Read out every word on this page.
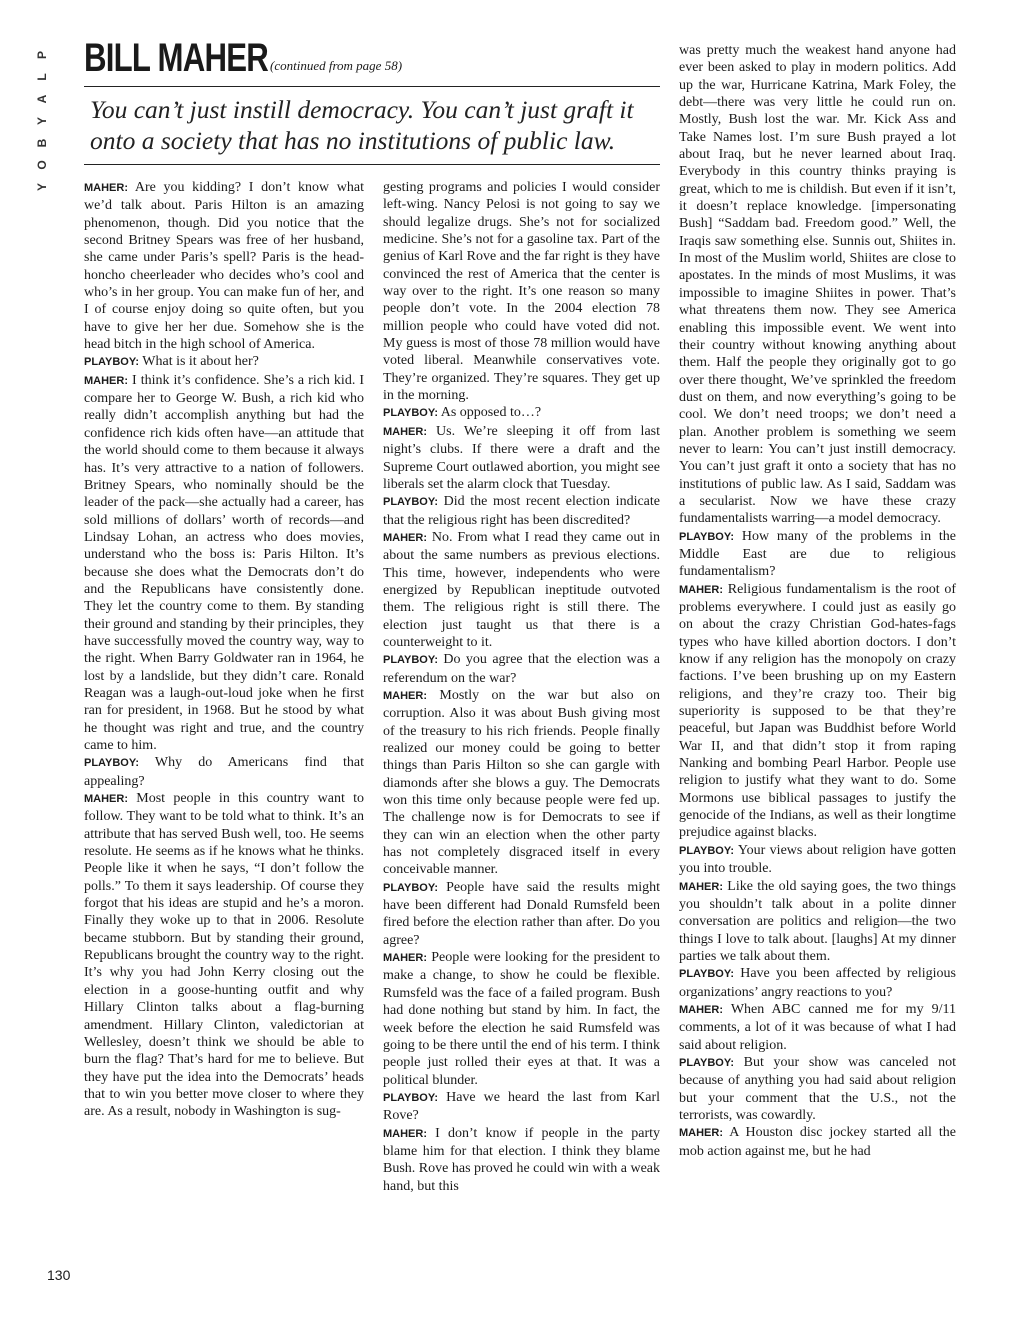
P
L
A
Y
B
O
Y
BILL MAHER (continued from page 58)
You can’t just instill democracy. You can’t just graft it onto a society that has no institutions of public law.

MAHER: Are you kidding? I don’t know what we’d talk about. Paris Hilton is an amazing phenomenon, though. Did you notice that the second Britney Spears was free of her husband, she came under Paris’s spell? Paris is the head-honcho cheerleader who decides who’s cool and who’s in her group. You can make fun of her, and I of course enjoy doing so quite often, but you have to give her her due. Somehow she is the head bitch in the high school of America.

PLAYBOY: What is it about her?

MAHER: I think it’s confidence. She’s a rich kid. I compare her to George W. Bush, a rich kid who really didn’t accomplish anything but had the confidence rich kids often have—an attitude that the world should come to them because it always has. It’s very attractive to a nation of followers. Britney Spears, who nominally should be the leader of the pack—she actually had a career, has sold millions of dollars’ worth of records—and Lindsay Lohan, an actress who does movies, understand who the boss is: Paris Hilton. It’s because she does what the Democrats don’t do and the Republicans have consistently done. They let the country come to them. By standing their ground and standing by their principles, they have successfully moved the country way, way to the right. When Barry Goldwater ran in 1964, he lost by a landslide, but they didn’t care. Ronald Reagan was a laugh-out-loud joke when he first ran for president, in 1968. But he stood by what he thought was right and true, and the country came to him.

PLAYBOY: Why do Americans find that appealing?

MAHER: Most people in this country want to follow. They want to be told what to think. It’s an attribute that has served Bush well, too. He seems resolute. He seems as if he knows what he thinks. People like it when he says, “I don’t follow the polls.” To them it says leadership. Of course they forgot that his ideas are stupid and he’s a moron. Finally they woke up to that in 2006. Resolute became stubborn. But by standing their ground, Republicans brought the country way to the right. It’s why you had John Kerry closing out the election in a goose-hunting outfit and why Hillary Clinton talks about a flag-burning amendment. Hillary Clinton, valedictorian at Wellesley, doesn’t think we should be able to burn the flag? That’s hard for me to believe. But they have put the idea into the Democrats’ heads that to win you better move closer to where they are. As a result, nobody in Washington is sug-

gesting programs and policies I would consider left-wing. Nancy Pelosi is not going to say we should legalize drugs. She’s not for socialized medicine. She’s not for a gasoline tax. Part of the genius of Karl Rove and the far right is they have convinced the rest of America that the center is way over to the right. It’s one reason so many people don’t vote. In the 2004 election 78 million people who could have voted did not. My guess is most of those 78 million would have voted liberal. Meanwhile conservatives vote. They’re organized. They’re squares. They get up in the morning.

PLAYBOY: As opposed to…?

MAHER: Us. We’re sleeping it off from last night’s clubs. If there were a draft and the Supreme Court outlawed abortion, you might see liberals set the alarm clock that Tuesday.

PLAYBOY: Did the most recent election indicate that the religious right has been discredited?

MAHER: No. From what I read they came out in about the same numbers as previous elections. This time, however, independents who were energized by Republican ineptitude outvoted them. The religious right is still there. The election just taught us that there is a counterweight to it.

PLAYBOY: Do you agree that the election was a referendum on the war?

MAHER: Mostly on the war but also on corruption. Also it was about Bush giving most of the treasury to his rich friends. People finally realized our money could be going to better things than Paris Hilton so she can gargle with diamonds after she blows a guy. The Democrats won this time only because people were fed up. The challenge now is for Democrats to see if they can win an election when the other party has not completely disgraced itself in every conceivable manner.

PLAYBOY: People have said the results might have been different had Donald Rumsfeld been fired before the election rather than after. Do you agree?

MAHER: People were looking for the president to make a change, to show he could be flexible. Rumsfeld was the face of a failed program. Bush had done nothing but stand by him. In fact, the week before the election he said Rumsfeld was going to be there until the end of his term. I think people just rolled their eyes at that. It was a political blunder.

PLAYBOY: Have we heard the last from Karl Rove?

MAHER: I don’t know if people in the party blame him for that election. I think they blame Bush. Rove has proved he could win with a weak hand, but this

was pretty much the weakest hand anyone had ever been asked to play in modern politics. Add up the war, Hurricane Katrina, Mark Foley, the debt—there was very little he could run on. Mostly, Bush lost the war. Mr. Kick Ass and Take Names lost. I’m sure Bush prayed a lot about Iraq, but he never learned about Iraq. Everybody in this country thinks praying is great, which to me is childish. But even if it isn’t, it doesn’t replace knowledge. [impersonating Bush] “Saddam bad. Freedom good.” Well, the Iraqis saw something else. Sunnis out, Shiites in. In most of the Muslim world, Shiites are close to apostates. In the minds of most Muslims, it was impossible to imagine Shiites in power. That’s what threatens them now. They see America enabling this impossible event. We went into their country without knowing anything about them. Half the people they originally got to go over there thought, We’ve sprinkled the freedom dust on them, and now everything’s going to be cool. We don’t need troops; we don’t need a plan. Another problem is something we seem never to learn: You can’t just instill democracy. You can’t just graft it onto a society that has no institutions of public law. As I said, Saddam was a secularist. Now we have these crazy fundamentalists warring—a model democracy.

PLAYBOY: How many of the problems in the Middle East are due to religious fundamentalism?

MAHER: Religious fundamentalism is the root of problems everywhere. I could just as easily go on about the crazy Christian God-hates-fags types who have killed abortion doctors. I don’t know if any religion has the monopoly on crazy factions. I’ve been brushing up on my Eastern religions, and they’re crazy too. Their big superiority is supposed to be that they’re peaceful, but Japan was Buddhist before World War II, and that didn’t stop it from raping Nanking and bombing Pearl Harbor. People use religion to justify what they want to do. Some Mormons use biblical passages to justify the genocide of the Indians, as well as their longtime prejudice against blacks.

PLAYBOY: Your views about religion have gotten you into trouble.

MAHER: Like the old saying goes, the two things you shouldn’t talk about in a polite dinner conversation are politics and religion—the two things I love to talk about. [laughs] At my dinner parties we talk about them.

PLAYBOY: Have you been affected by religious organizations’ angry reactions to you?

MAHER: When ABC canned me for my 9/11 comments, a lot of it was because of what I had said about religion.

PLAYBOY: But your show was canceled not because of anything you had said about religion but your comment that the U.S., not the terrorists, was cowardly.

MAHER: A Houston disc jockey started all the mob action against me, but he had

130
